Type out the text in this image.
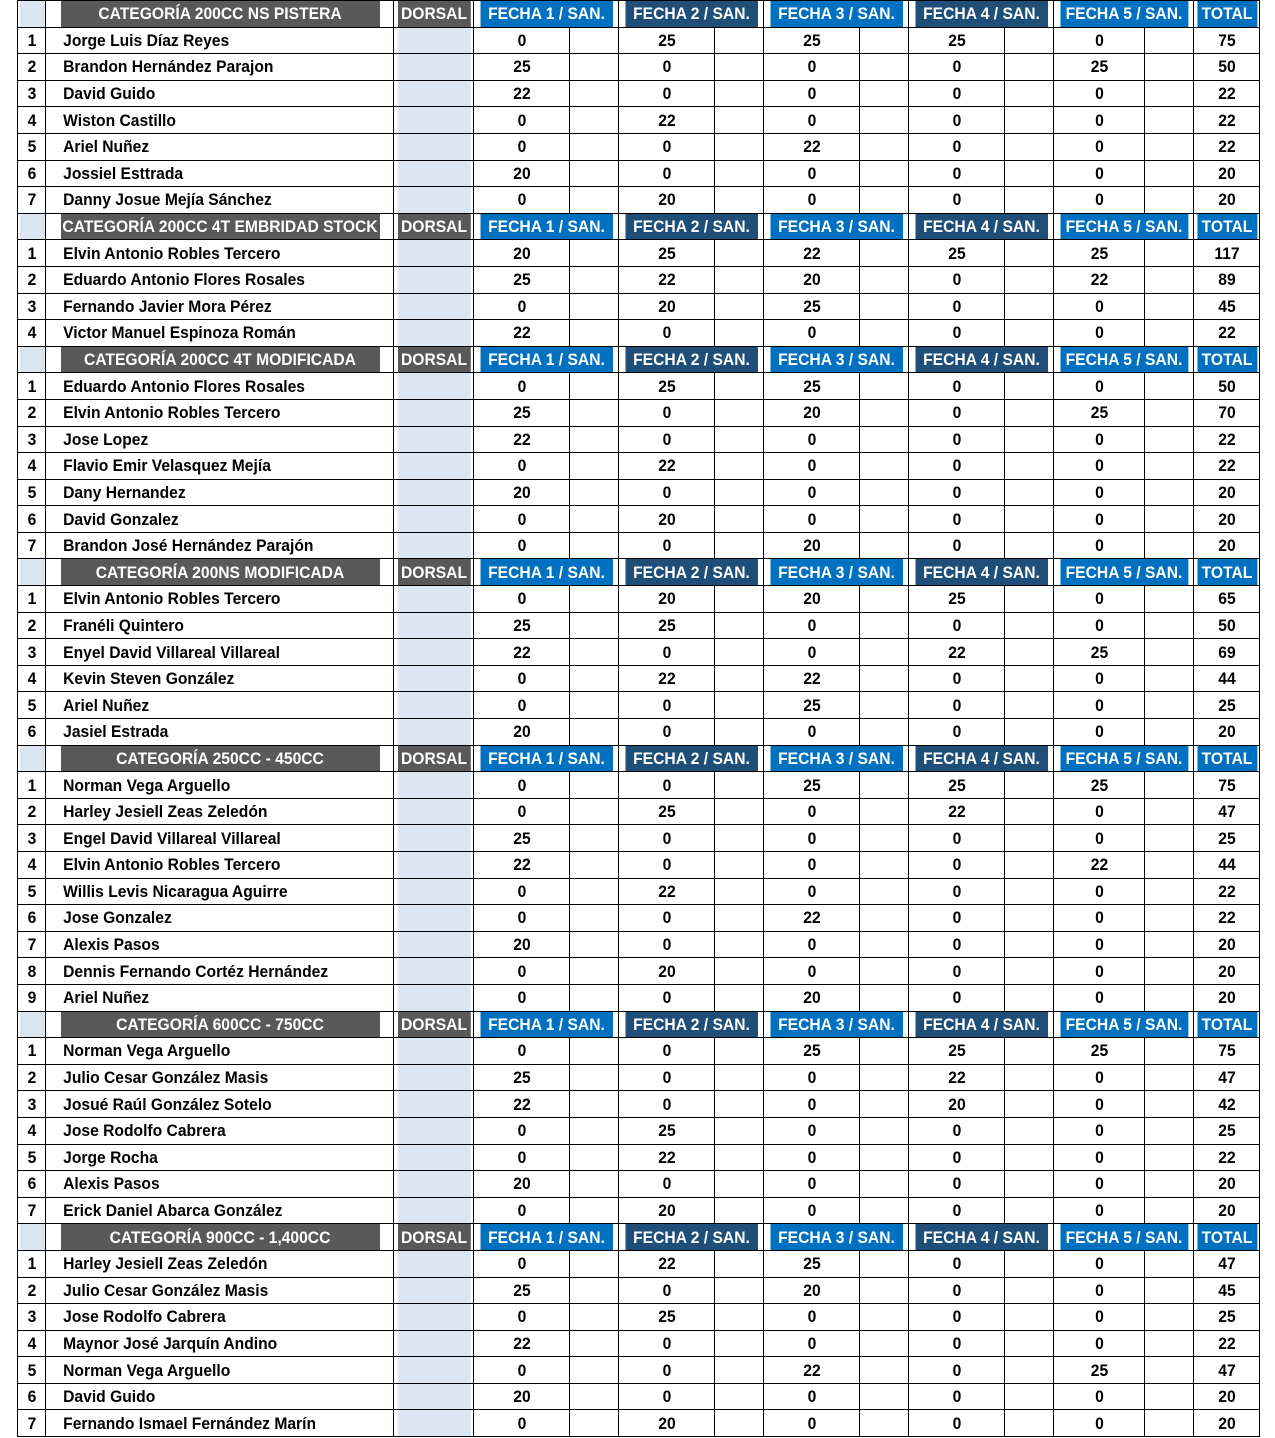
	CATEGORÍA 200CC NS PISTERA	DORSAL	FECHA 1 / SAN.		FECHA 2 / SAN.		FECHA 3 / SAN.		FECHA 4 / SAN.		FECHA 5 / SAN.		TOTAL
1	Jorge Luis Díaz Reyes		0		25		25		25		0		75
2	Brandon Hernández Parajon		25		0		0		0		25		50
3	David Guido		22		0		0		0		0		22
4	Wiston Castillo		0		22		0		0		0		22
5	Ariel Nuñez		0		0		22		0		0		22
6	Jossiel Esttrada		20		0		0		0		0		20
7	Danny Josue Mejía Sánchez		0		20		0		0		0		20
	CATEGORÍA 200CC 4T EMBRIDAD STOCK	DORSAL	FECHA 1 / SAN.		FECHA 2 / SAN.		FECHA 3 / SAN.		FECHA 4 / SAN.		FECHA 5 / SAN.		TOTAL
1	Elvin Antonio Robles Tercero		20		25		22		25		25		117
2	Eduardo Antonio Flores Rosales		25		22		20		0		22		89
3	Fernando Javier Mora Pérez		0		20		25		0		0		45
4	Victor Manuel Espinoza Román		22		0		0		0		0		22
	CATEGORÍA 200CC 4T MODIFICADA	DORSAL	FECHA 1 / SAN.		FECHA 2 / SAN.		FECHA 3 / SAN.		FECHA 4 / SAN.		FECHA 5 / SAN.		TOTAL
1	Eduardo Antonio Flores Rosales		0		25		25		0		0		50
2	Elvin Antonio Robles Tercero		25		0		20		0		25		70
3	Jose Lopez		22		0		0		0		0		22
4	Flavio Emir Velasquez Mejía		0		22		0		0		0		22
5	Dany Hernandez		20		0		0		0		0		20
6	David Gonzalez		0		20		0		0		0		20
7	Brandon José Hernández Parajón		0		0		20		0		0		20
	CATEGORÍA 200NS MODIFICADA	DORSAL	FECHA 1 / SAN.		FECHA 2 / SAN.		FECHA 3 / SAN.		FECHA 4 / SAN.		FECHA 5 / SAN.		TOTAL
1	Elvin Antonio Robles Tercero		0		20		20		25		0		65
2	Franéli Quintero		25		25		0		0		0		50
3	Enyel David Villareal Villareal		22		0		0		22		25		69
4	Kevin Steven González		0		22		22		0		0		44
5	Ariel Nuñez		0		0		25		0		0		25
6	Jasiel Estrada		20		0		0		0		0		20
	CATEGORÍA 250CC - 450CC	DORSAL	FECHA 1 / SAN.		FECHA 2 / SAN.		FECHA 3 / SAN.		FECHA 4 / SAN.		FECHA 5 / SAN.		TOTAL
1	Norman Vega Arguello		0		0		25		25		25		75
2	Harley Jesiell Zeas Zeledón		0		25		0		22		0		47
3	Engel David Villareal Villareal		25		0		0		0		0		25
4	Elvin Antonio Robles Tercero		22		0		0		0		22		44
5	Willis Levis Nicaragua Aguirre		0		22		0		0		0		22
6	Jose Gonzalez		0		0		22		0		0		22
7	Alexis Pasos		20		0		0		0		0		20
8	Dennis Fernando Cortéz Hernández		0		20		0		0		0		20
9	Ariel Nuñez		0		0		20		0		0		20
	CATEGORÍA 600CC - 750CC	DORSAL	FECHA 1 / SAN.		FECHA 2 / SAN.		FECHA 3 / SAN.		FECHA 4 / SAN.		FECHA 5 / SAN.		TOTAL
1	Norman Vega Arguello		0		0		25		25		25		75
2	Julio Cesar González Masis		25		0		0		22		0		47
3	Josué Raúl González Sotelo		22		0		0		20		0		42
4	Jose Rodolfo Cabrera		0		25		0		0		0		25
5	Jorge Rocha		0		22		0		0		0		22
6	Alexis Pasos		20		0		0		0		0		20
7	Erick Daniel Abarca González		0		20		0		0		0		20
	CATEGORÍA 900CC - 1,400CC	DORSAL	FECHA 1 / SAN.		FECHA 2 / SAN.		FECHA 3 / SAN.		FECHA 4 / SAN.		FECHA 5 / SAN.		TOTAL
1	Harley Jesiell Zeas Zeledón		0		22		25		0		0		47
2	Julio Cesar González Masis		25		0		20		0		0		45
3	Jose Rodolfo Cabrera		0		25		0		0		0		25
4	Maynor José Jarquín Andino		22		0		0		0		0		22
5	Norman Vega Arguello		0		0		22		0		25		47
6	David Guido		20		0		0		0		0		20
7	Fernando Ismael Fernández Marín		0		20		0		0		0		20
